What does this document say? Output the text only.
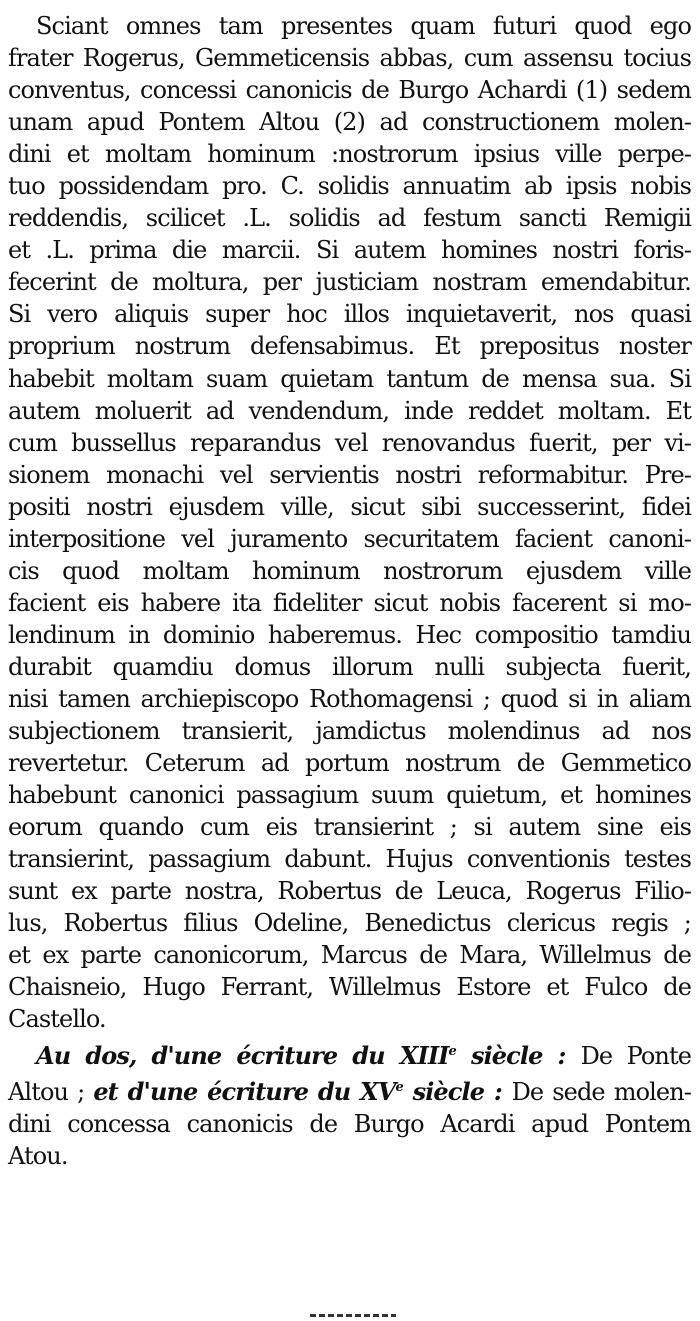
Sciant omnes tam presentes quam futuri quod ego
frater Rogerus, Gemmeticensis abbas, cum assensu tocius
conventus, concessi canonicis de Burgo Achardi (1) sedem
unam apud Pontem Altou (2) ad constructionem molen-
dini et moltam hominum :nostrorum ipsius ville perpe-
tuo possidendam pro. C. solidis annuatim ab ipsis nobis
reddendis, scilicet .L. solidis ad festum sancti Remigii
et .L. prima die marcii. Si autem homines nostri foris-
fecerint de moltura, per justiciam nostram emendabitur.
Si vero aliquis super hoc illos inquietaverit, nos quasi
proprium nostrum defensabimus. Et prepositus noster
habebit moltam suam quietam tantum de mensa sua. Si
autem moluerit ad vendendum, inde reddet moltam. Et
cum bussellus reparandus vel renovandus fuerit, per vi-
sionem monachi vel servientis nostri reformabitur. Pre-
positi nostri ejusdem ville, sicut sibi successerint, fidei
interpositione vel juramento securitatem facient canoni-
cis quod moltam hominum nostrorum ejusdem ville
facient eis habere ita fideliter sicut nobis facerent si mo-
lendinum in dominio haberemus. Hec compositio tamdiu
durabit quamdiu domus illorum nulli subjecta fuerit,
nisi tamen archiepiscopo Rothomagensi ; quod si in aliam
subjectionem transierit, jamdictus molendinus ad nos
revertetur. Ceterum ad portum nostrum de Gemmetico
habebunt canonici passagium suum quietum, et homines
eorum quando cum eis transierint ; si autem sine eis
transierint, passagium dabunt. Hujus conventionis testes
sunt ex parte nostra, Robertus de Leuca, Rogerus Filio-
lus, Robertus filius Odeline, Benedictus clericus regis ;
et ex parte canonicorum, Marcus de Mara, Willelmus de
Chaisneio, Hugo Ferrant, Willelmus Estore et Fulco de
Castello.

Au dos, d'une écriture du XIIIe siècle : De Ponte
Altou ; et d'une écriture du XVe siècle : De sede molen-
dini concessa canonicis de Burgo Acardi apud Pontem
Atou.
